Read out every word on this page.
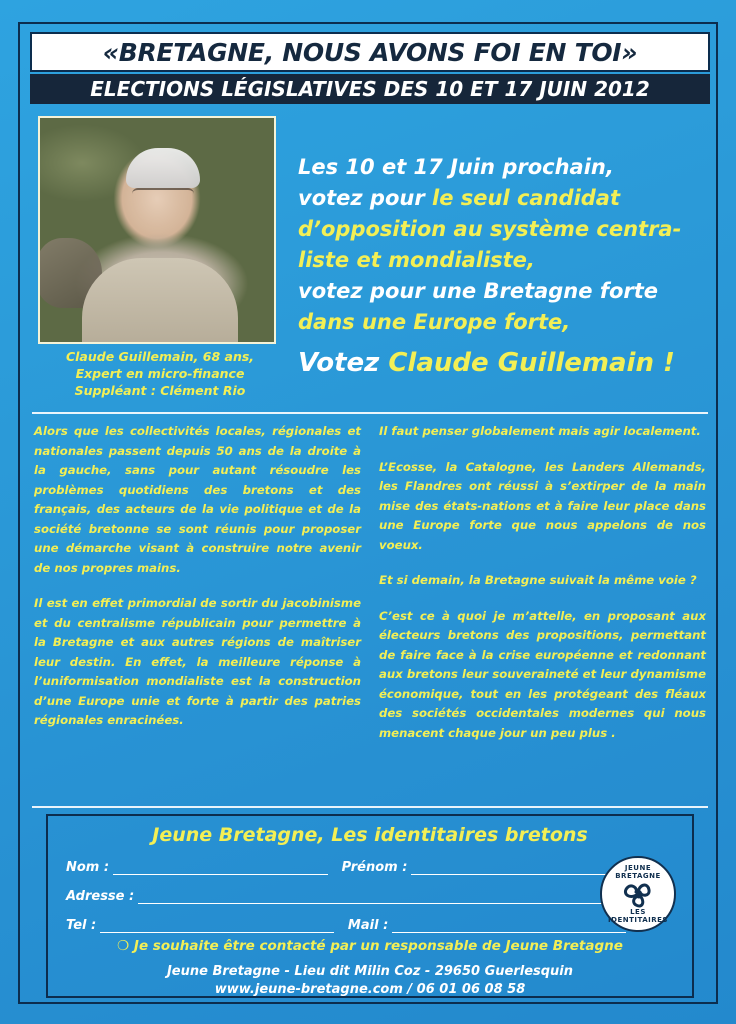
«BRETAGNE, NOUS AVONS FOI EN TOI»
ELECTIONS LÉGISLATIVES DES 10 ET 17 JUIN 2012
Claude Guillemain, 68 ans,
Expert en micro-finance
Suppléant : Clément Rio
Les 10 et 17 Juin prochain,
votez pour le seul candidat d’opposition au système centra-liste et mondialiste,
votez pour une Bretagne forte
dans une Europe forte,
Votez Claude Guillemain !

Alors que les collectivités locales, régionales et nationales passent depuis 50 ans de la droite à la gauche, sans pour autant résoudre les problèmes quotidiens des bretons et des français, des acteurs de la vie politique et de la société bretonne se sont réunis pour proposer une démarche visant à construire notre avenir de nos propres mains.

Il est en effet primordial de sortir du jacobinisme et du centralisme républicain pour permettre à la Bretagne et aux autres régions de maîtriser leur destin. En effet, la meilleure réponse à l’uniformisation mondialiste est la construction d’une Europe unie et forte à partir des patries régionales enracinées.

Il faut penser globalement mais agir localement.

L’Ecosse, la Catalogne, les Landers Allemands, les Flandres ont réussi à s’extirper de la main mise des états-nations et à faire leur place dans une Europe forte que nous appelons de nos voeux.

Et si demain, la Bretagne suivait la même voie ?

C’est ce à quoi je m’attelle, en proposant aux électeurs bretons des propositions, permettant de faire face à la crise européenne et redonnant aux bretons leur souveraineté et leur dynamisme économique, tout en les protégeant des fléaux des sociétés occidentales modernes qui nous menacent chaque jour un peu plus .

Jeune Bretagne, Les identitaires bretons
Nom :	Prénom :
Adresse :
Tel :	Mail :
JEUNE BRETAGNE
LES IDENTITAIRES
❍ Je souhaite être contacté par un responsable de Jeune Bretagne
Jeune Bretagne - Lieu dit Milin Coz - 29650 Guerlesquin
www.jeune-bretagne.com / 06 01 06 08 58
